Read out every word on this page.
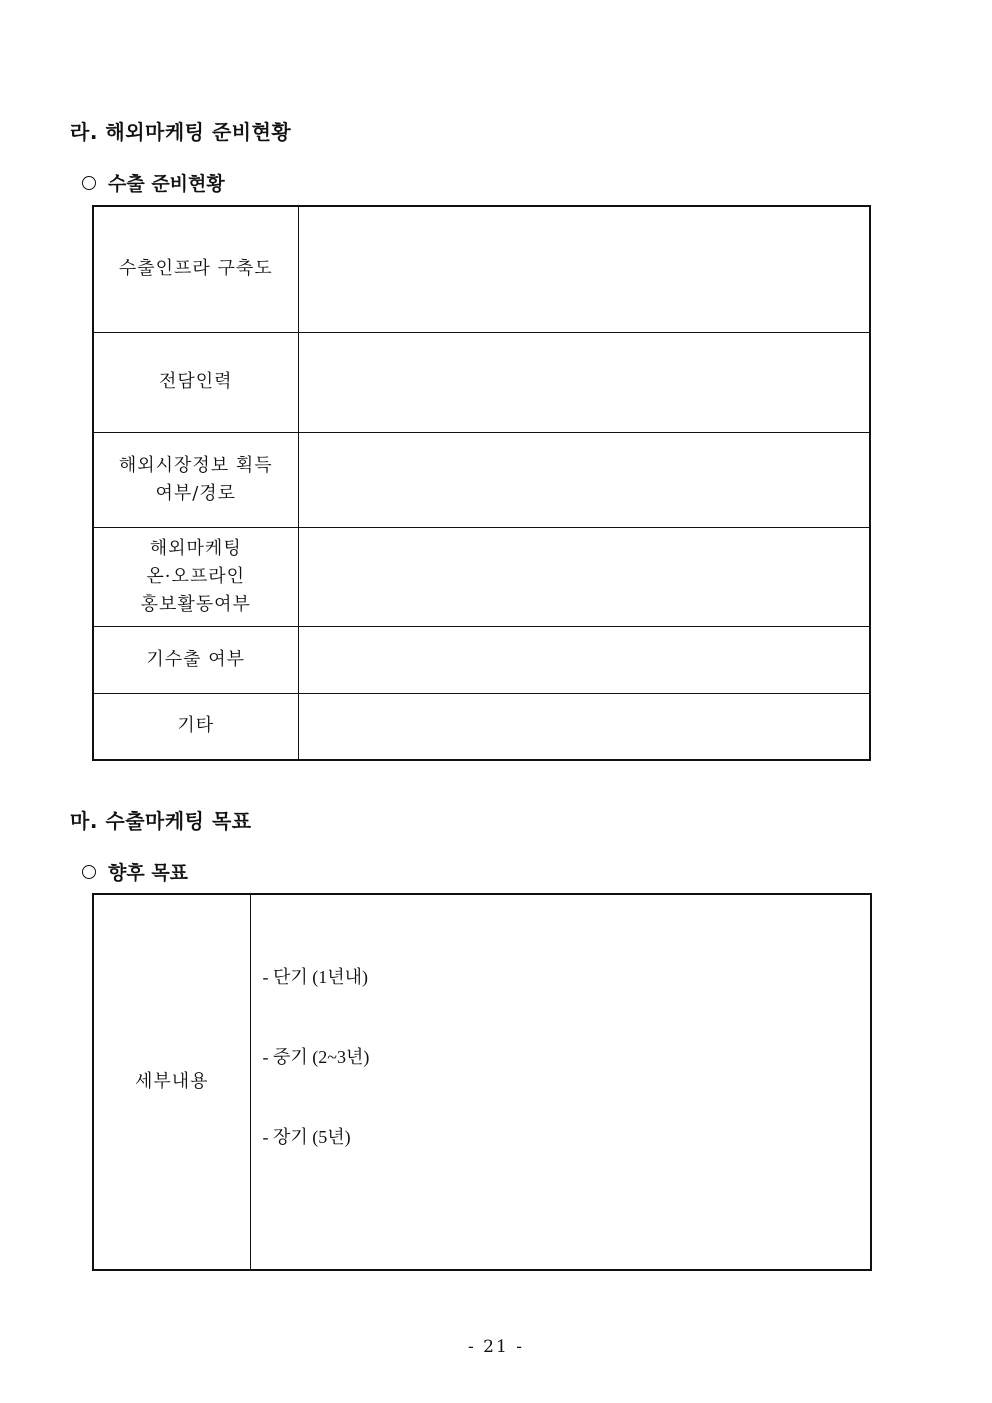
라. 해외마케팅 준비현황
수출 준비현황
수출인프라 구축도	

전담인력	

해외시장정보 획득
여부/경로	

해외마케팅
온·오프라인
홍보활동여부	

기수출 여부	

기타	

마. 수출마케팅 목표
향후 목표
세부내용	
- 단기 (1년내)
- 중기 (2~3년)
- 장기 (5년)
- 21 -
